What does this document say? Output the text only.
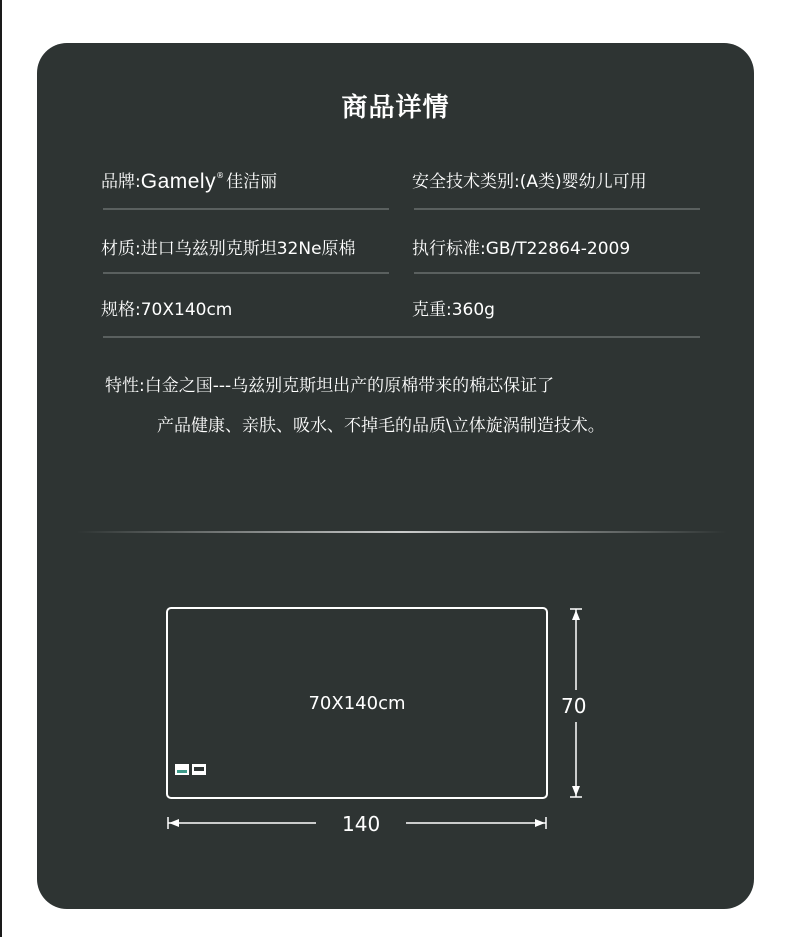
商品详情
品牌:Gamely® 佳洁丽	安全技术类别:(A类)婴幼儿可用
材质:进口乌兹别克斯坦32Ne原棉	执行标准:GB/T22864-2009
规格:70X140cm	克重:360g
特性:白金之国---乌兹别克斯坦出产的原棉带来的棉芯保证了
产品健康、亲肤、吸水、不掉毛的品质\立体旋涡制造技术。
70X140cm	70
140
